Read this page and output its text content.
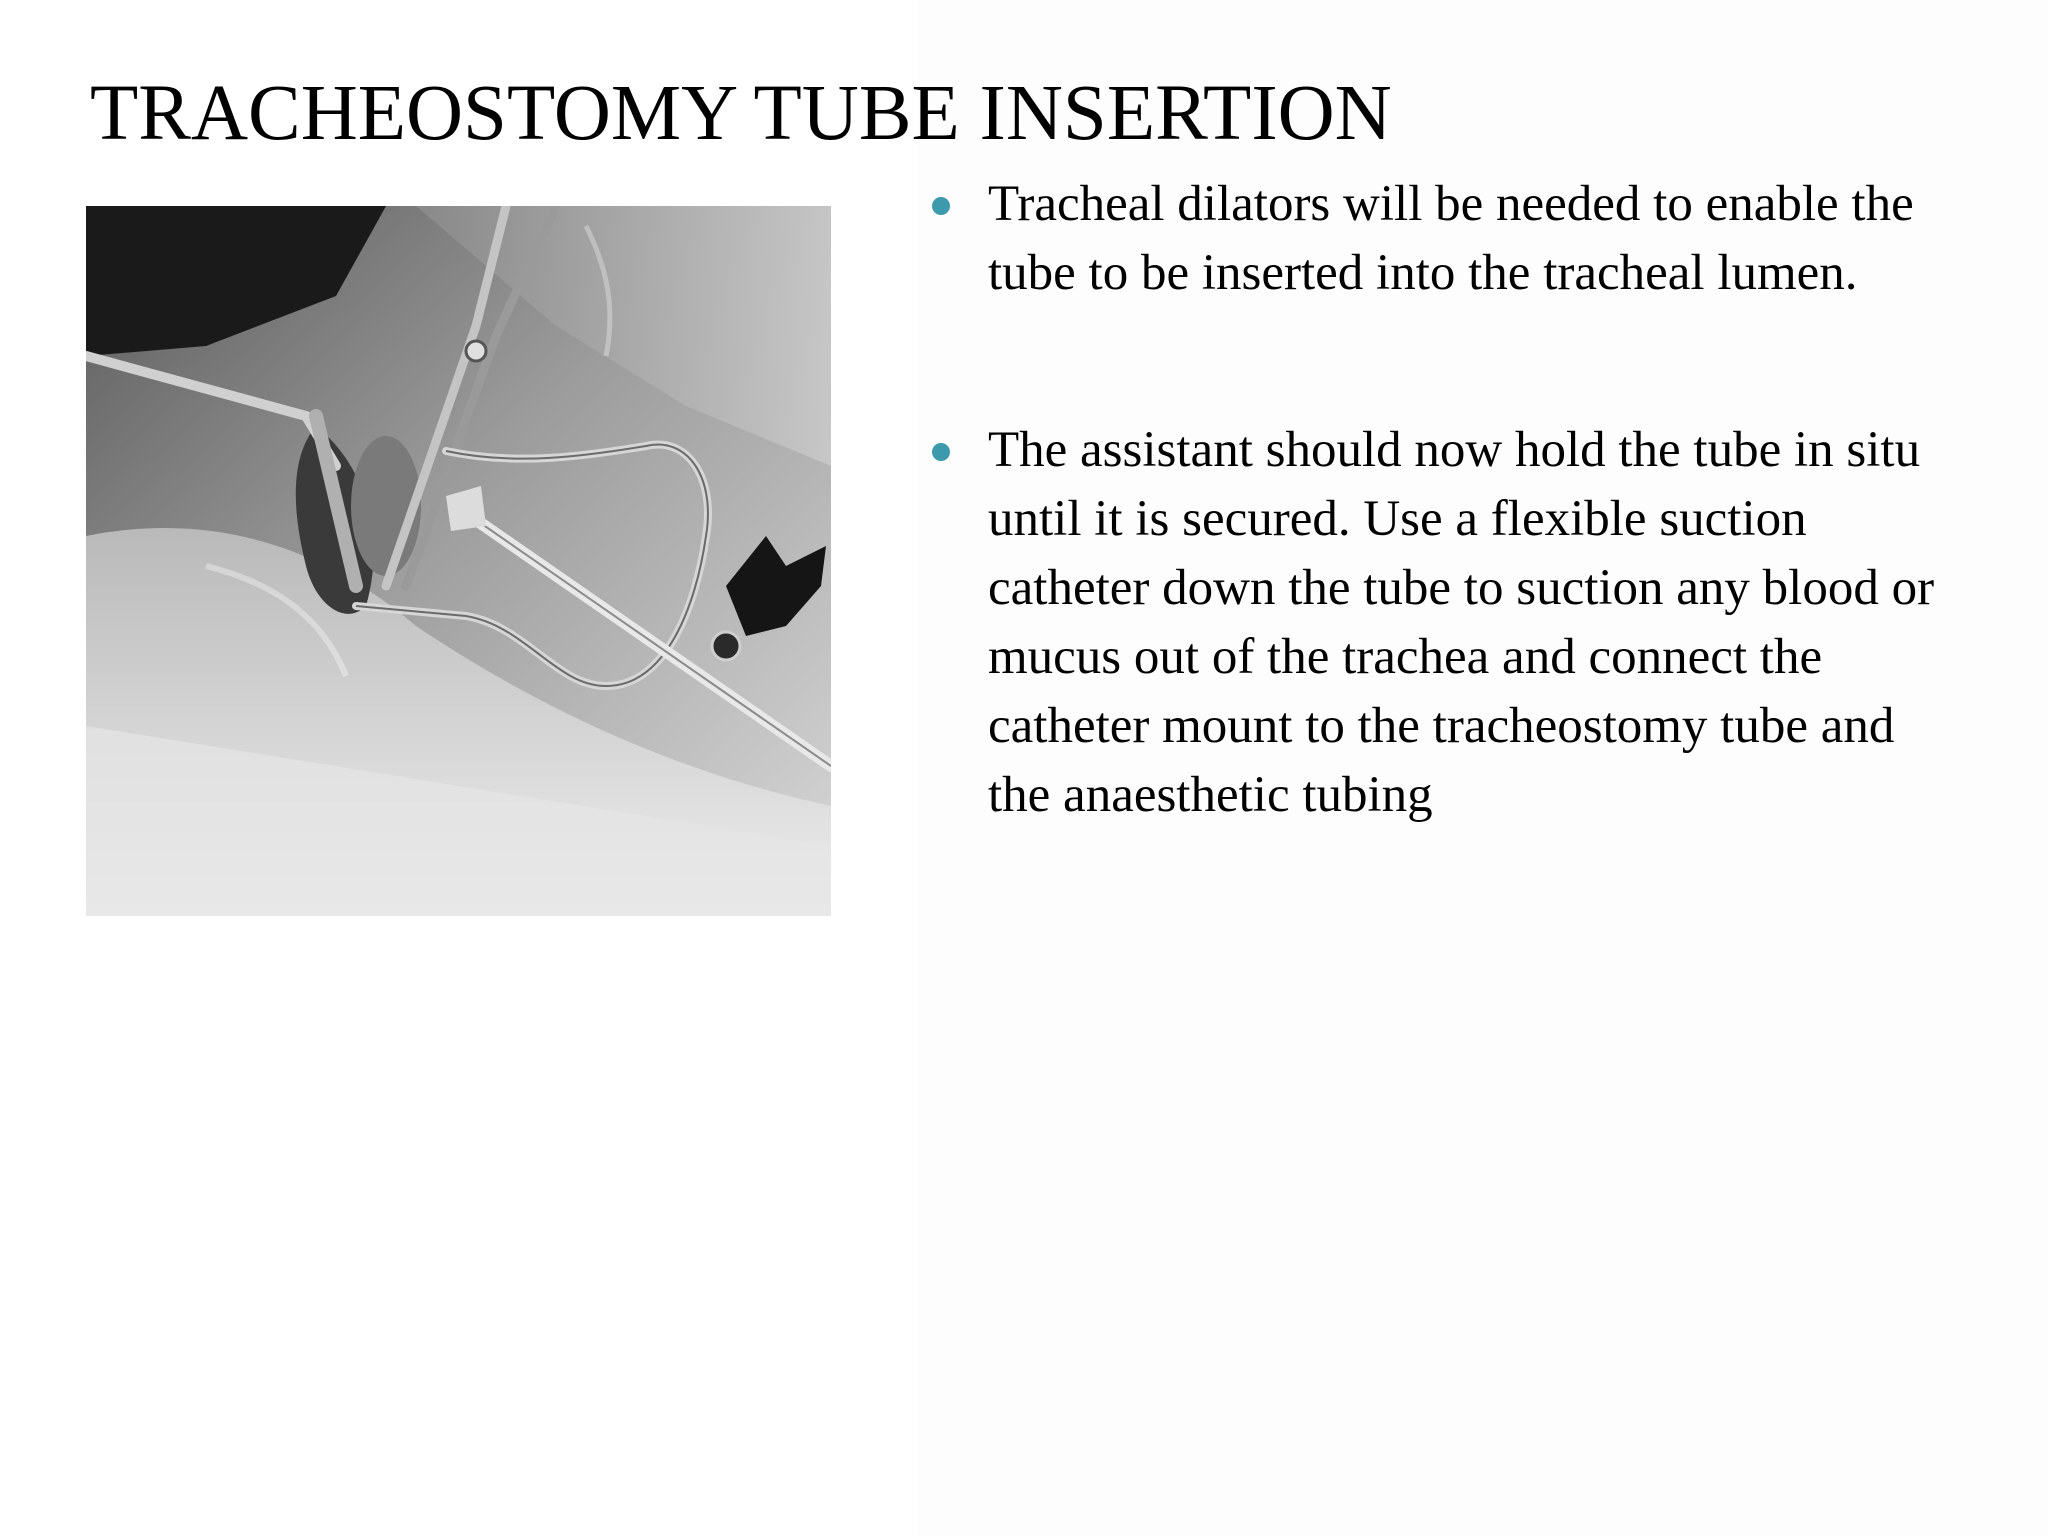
TRACHEOSTOMY TUBE INSERTION
Tracheal dilators will be needed to enable the tube to be inserted into the tracheal lumen.
The assistant should now hold the tube in situ until it is secured. Use a flexible suction catheter down the tube to suction any blood or mucus out of the trachea and connect the catheter mount to the tracheostomy tube and the anaesthetic tubing
